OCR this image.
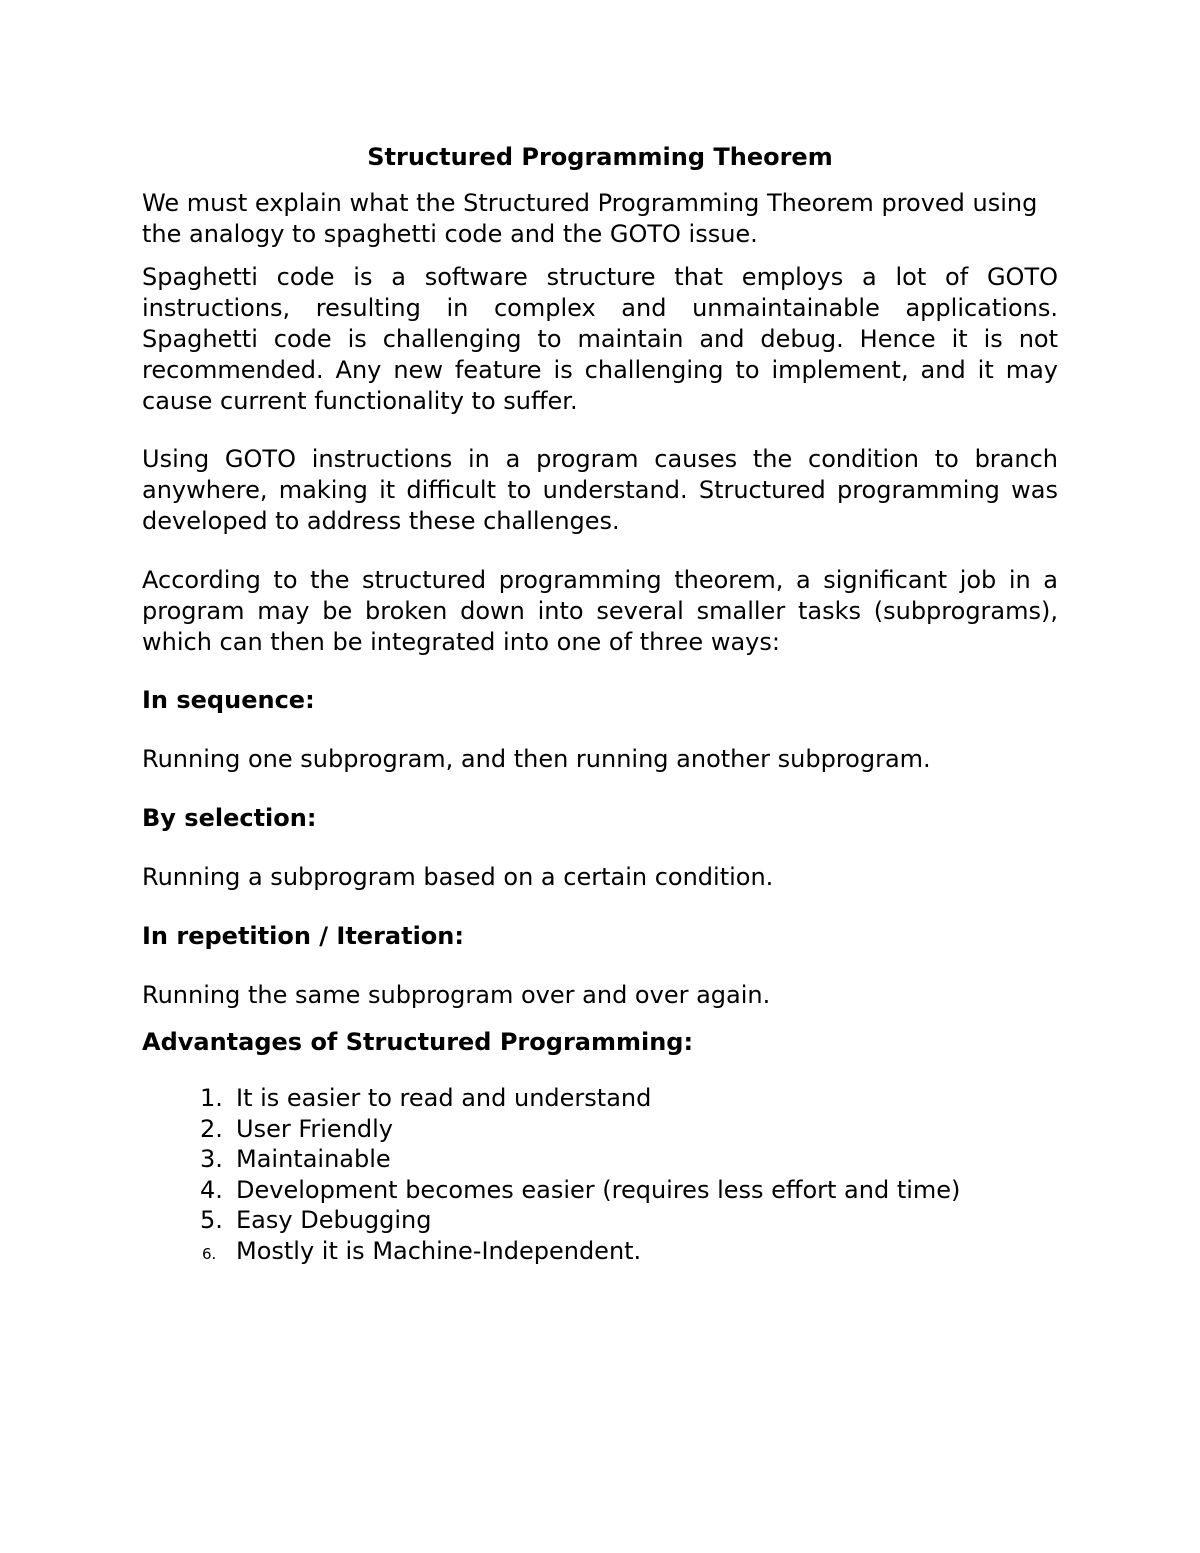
Structured Programming Theorem

We must explain what the Structured Programming Theorem proved using the analogy to spaghetti code and the GOTO issue.

Spaghetti code is a software structure that employs a lot of GOTO instructions, resulting in complex and unmaintainable applications. Spaghetti code is challenging to maintain and debug. Hence it is not recommended. Any new feature is challenging to implement, and it may cause current functionality to suffer.

Using GOTO instructions in a program causes the condition to branch anywhere, making it difficult to understand. Structured programming was developed to address these challenges.

According to the structured programming theorem, a significant job in a program may be broken down into several smaller tasks (subprograms), which can then be integrated into one of three ways:

In sequence:

Running one subprogram, and then running another subprogram.

By selection:

Running a subprogram based on a certain condition.

In repetition / Iteration:

Running the same subprogram over and over again.

Advantages of Structured Programming:

1. It is easier to read and understand
2. User Friendly
3. Maintainable
4. Development becomes easier (requires less effort and time)
5. Easy Debugging
6. Mostly it is Machine-Independent.
